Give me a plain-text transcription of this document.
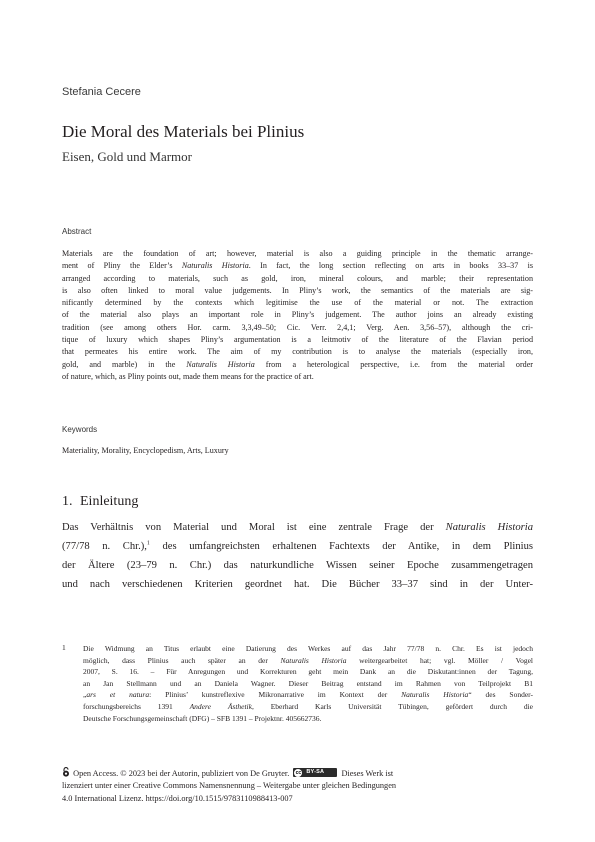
Stefania Cecere
Die Moral des Materials bei Plinius
Eisen, Gold und Marmor
Abstract
Materials are the foundation of art; however, material is also a guiding principle in the thematic arrange-
ment of Pliny the Elder’s Naturalis Historia. In fact, the long section reflecting on arts in books 33–37 is
arranged according to materials, such as gold, iron, mineral colours, and marble; their representation
is also often linked to moral value judgements. In Pliny’s work, the semantics of the materials are sig-
nificantly determined by the contexts which legitimise the use of the material or not. The extraction
of the material also plays an important role in Pliny’s judgement. The author joins an already existing
tradition (see among others Hor. carm. 3,3,49–50; Cic. Verr. 2,4,1; Verg. Aen. 3,56–57), although the cri-
tique of luxury which shapes Pliny’s argumentation is a leitmotiv of the literature of the Flavian period
that permeates his entire work. The aim of my contribution is to analyse the materials (especially iron,
gold, and marble) in the Naturalis Historia from a heterological perspective, i.e. from the material order
of nature, which, as Pliny points out, made them means for the practice of art.
Keywords
Materiality, Morality, Encyclopedism, Arts, Luxury
1. Einleitung
Das Verhältnis von Material und Moral ist eine zentrale Frage der Naturalis Historia
(77/78 n. Chr.),$^1$ des umfangreichsten erhaltenen Fachtexts der Antike, in dem Plinius
der Ältere (23–79 n. Chr.) das naturkundliche Wissen seiner Epoche zusammengetragen
und nach verschiedenen Kriterien geordnet hat. Die Bücher 33–37 sind in der Unter-
1 Die Widmung an Titus erlaubt eine Datierung des Werkes auf das Jahr 77/78 n. Chr. Es ist jedoch
möglich, dass Plinius auch später an der Naturalis Historia weitergearbeitet hat; vgl. Möller / Vogel
2007, S. 16. – Für Anregungen und Korrekturen geht mein Dank an die Diskutant:innen der Tagung,
an Jan Stellmann und an Daniela Wagner. Dieser Beitrag entstand im Rahmen von Teilprojekt B1
„ars et natura: Plinius’ kunstreflexive Mikronarrative im Kontext der Naturalis Historia“ des Sonder-
forschungsbereichs 1391 Andere Ästhetik, Eberhard Karls Universität Tübingen, gefördert durch die
Deutsche Forschungsgemeinschaft (DFG) – SFB 1391 – Projektnr. 405662736.
Open Access. © 2023 bei der Autorin, publiziert von De Gruyter. cc BY-SA Dieses Werk ist
lizenziert unter einer Creative Commons Namensnennung – Weitergabe unter gleichen Bedingungen
4.0 International Lizenz. https://doi.org/10.1515/9783110988413-007
